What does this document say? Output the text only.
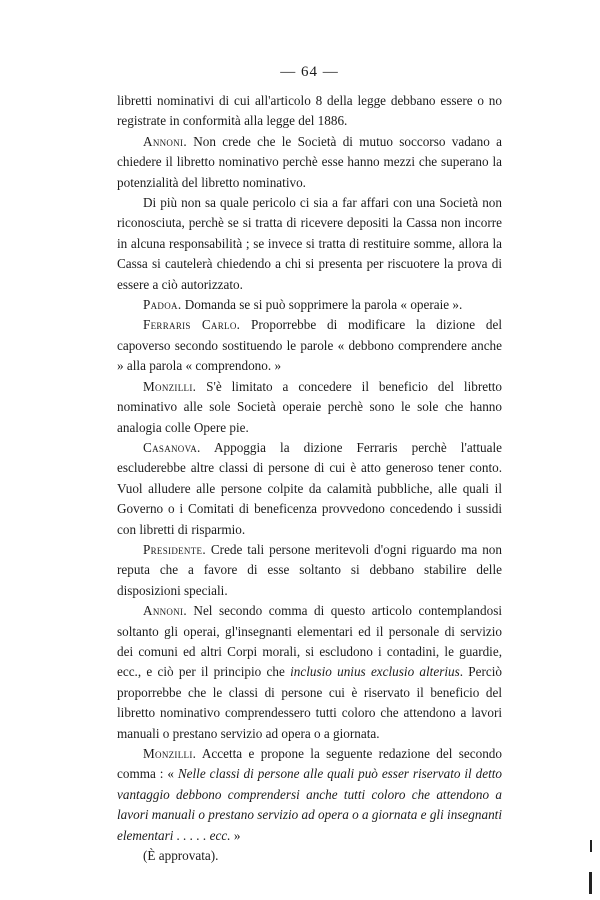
— 64 —

libretti nominativi di cui all'articolo 8 della legge debbano essere o no registrate in conformità alla legge del 1886.

Annoni. Non crede che le Società di mutuo soccorso vadano a chiedere il libretto nominativo perchè esse hanno mezzi che superano la potenzialità del libretto nominativo.

Di più non sa quale pericolo ci sia a far affari con una Società non riconosciuta, perchè se si tratta di ricevere depositi la Cassa non incorre in alcuna responsabilità ; se invece si tratta di restituire somme, allora la Cassa si cautelerà chiedendo a chi si presenta per riscuotere la prova di essere a ciò autorizzato.

Padoa. Domanda se si può sopprimere la parola « operaie ».

Ferraris Carlo. Proporrebbe di modificare la dizione del capoverso secondo sostituendo le parole « debbono comprendere anche » alla parola « comprendono. »

Monzilli. S'è limitato a concedere il beneficio del libretto nominativo alle sole Società operaie perchè sono le sole che hanno analogia colle Opere pie.

Casanova. Appoggia la dizione Ferraris perchè l'attuale escluderebbe altre classi di persone di cui è atto generoso tener conto. Vuol alludere alle persone colpite da calamità pubbliche, alle quali il Governo o i Comitati di beneficenza provvedono concedendo i sussidi con libretti di risparmio.

Presidente. Crede tali persone meritevoli d'ogni riguardo ma non reputa che a favore di esse soltanto si debbano stabilire delle disposizioni speciali.

Annoni. Nel secondo comma di questo articolo contemplandosi soltanto gli operai, gl'insegnanti elementari ed il personale di servizio dei comuni ed altri Corpi morali, si escludono i contadini, le guardie, ecc., e ciò per il principio che inclusio unius exclusio alterius. Perciò proporrebbe che le classi di persone cui è riservato il beneficio del libretto nominativo comprendessero tutti coloro che attendono a lavori manuali o prestano servizio ad opera o a giornata.

Monzilli. Accetta e propone la seguente redazione del secondo comma : « Nelle classi di persone alle quali può esser riservato il detto vantaggio debbono comprendersi anche tutti coloro che attendono a lavori manuali o prestano servizio ad opera o a giornata e gli insegnanti elementari . . . . . ecc. »

(È approvata).
